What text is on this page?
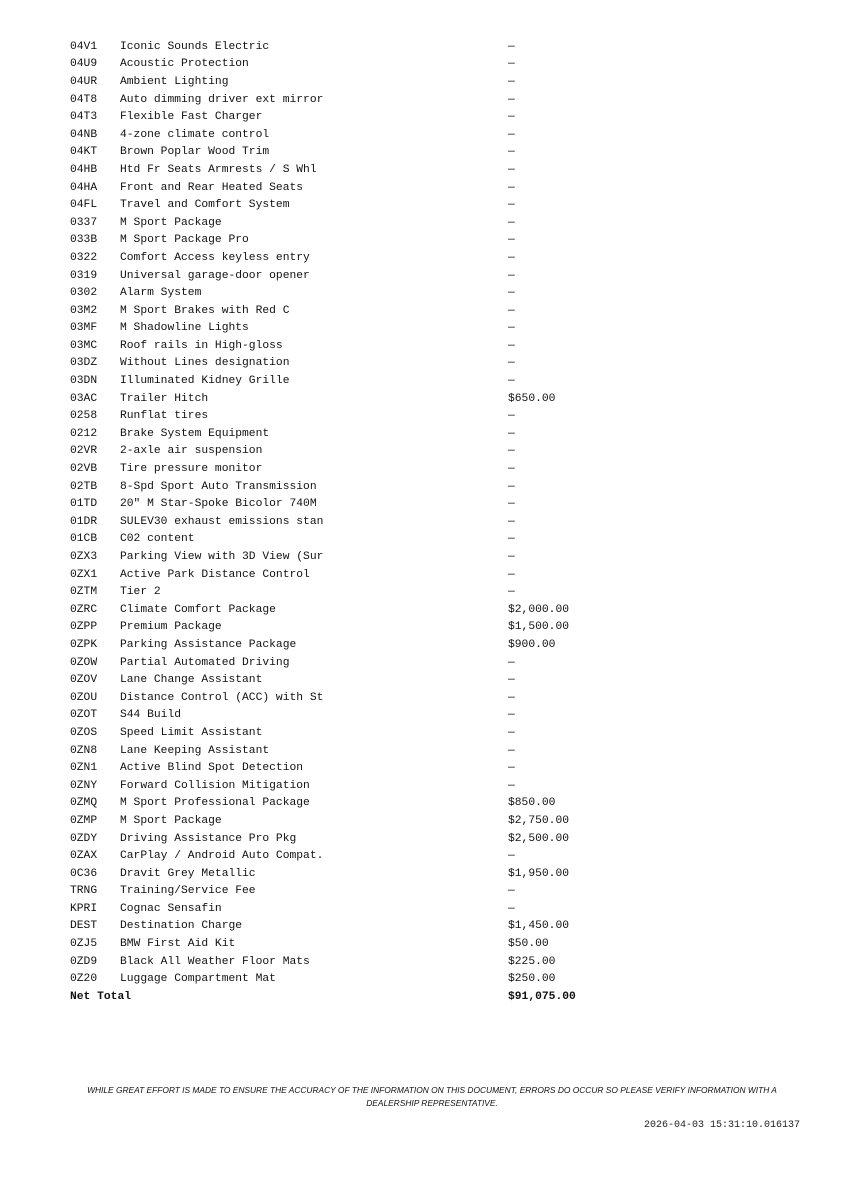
04V1	Iconic Sounds Electric	—
04U9	Acoustic Protection	—
04UR	Ambient Lighting	—
04T8	Auto dimming driver ext mirror	—
04T3	Flexible Fast Charger	—
04NB	4-zone climate control	—
04KT	Brown Poplar Wood Trim	—
04HB	Htd Fr Seats Armrests / S Whl	—
04HA	Front and Rear Heated Seats	—
04FL	Travel and Comfort System	—
0337	M Sport Package	—
033B	M Sport Package Pro	—
0322	Comfort Access keyless entry	—
0319	Universal garage-door opener	—
0302	Alarm System	—
03M2	M Sport Brakes with Red C	—
03MF	M Shadowline Lights	—
03MC	Roof rails in High-gloss	—
03DZ	Without Lines designation	—
03DN	Illuminated Kidney Grille	—
03AC	Trailer Hitch	$650.00
0258	Runflat tires	—
0212	Brake System Equipment	—
02VR	2-axle air suspension	—
02VB	Tire pressure monitor	—
02TB	8-Spd Sport Auto Transmission	—
01TD	20" M Star-Spoke Bicolor 740M	—
01DR	SULEV30 exhaust emissions stan	—
01CB	C02 content	—
0ZX3	Parking View with 3D View (Sur	—
0ZX1	Active Park Distance Control	—
0ZTM	Tier 2	—
0ZRC	Climate Comfort Package	$2,000.00
0ZPP	Premium Package	$1,500.00
0ZPK	Parking Assistance Package	$900.00
0ZOW	Partial Automated Driving	—
0ZOV	Lane Change Assistant	—
0ZOU	Distance Control (ACC) with St	—
0ZOT	S44 Build	—
0ZOS	Speed Limit Assistant	—
0ZN8	Lane Keeping Assistant	—
0ZN1	Active Blind Spot Detection	—
0ZNY	Forward Collision Mitigation	—
0ZMQ	M Sport Professional Package	$850.00
0ZMP	M Sport Package	$2,750.00
0ZDY	Driving Assistance Pro Pkg	$2,500.00
0ZAX	CarPlay / Android Auto Compat.	—
0C36	Dravit Grey Metallic	$1,950.00
TRNG	Training/Service Fee	—
KPRI	Cognac Sensafin	—
DEST	Destination Charge	$1,450.00
0ZJ5	BMW First Aid Kit	$50.00
0ZD9	Black All Weather Floor Mats	$225.00
0Z20	Luggage Compartment Mat	$250.00
Net Total		$91,075.00
WHILE GREAT EFFORT IS MADE TO ENSURE THE ACCURACY OF THE INFORMATION ON THIS DOCUMENT, ERRORS DO OCCUR SO PLEASE VERIFY INFORMATION WITH A DEALERSHIP REPRESENTATIVE.
2026-04-03 15:31:10.016137
